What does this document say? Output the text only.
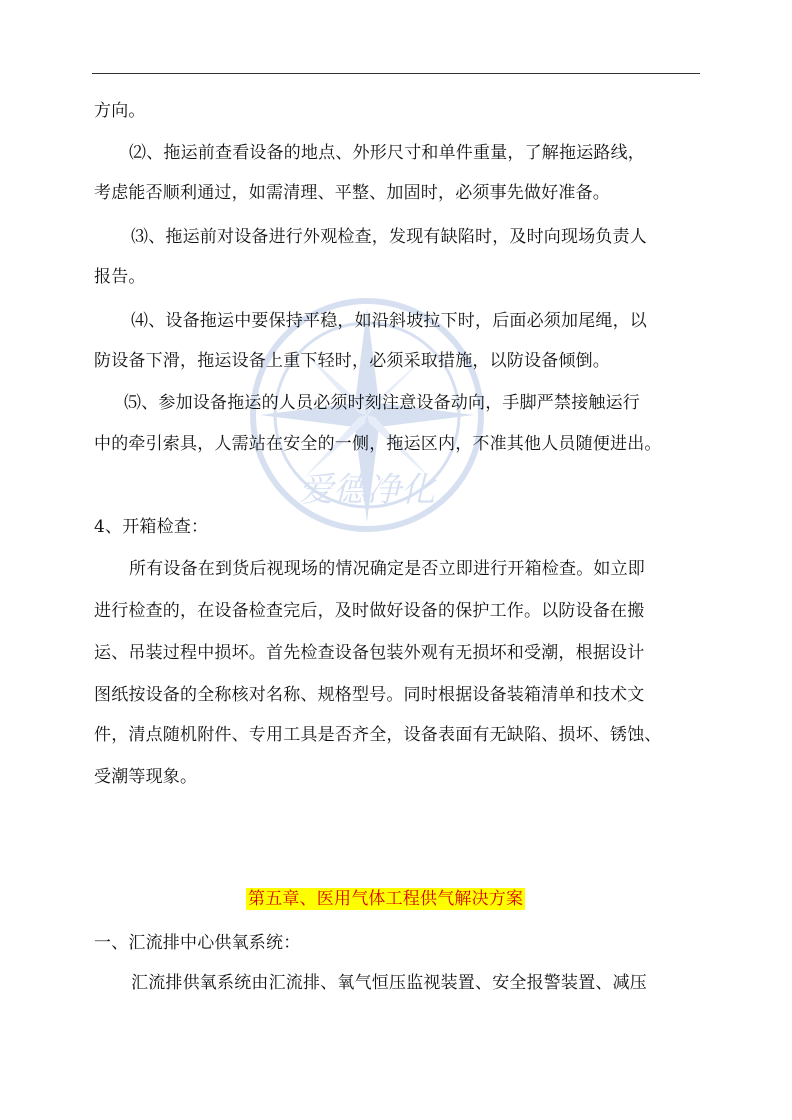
爱德净化
方向。
⑵、拖运前查看设备的地点、外形尺寸和单件重量，了解拖运路线，
考虑能否顺利通过，如需清理、平整、加固时，必须事先做好准备。
⑶、拖运前对设备进行外观检查，发现有缺陷时，及时向现场负责人
报告。
⑷、设备拖运中要保持平稳，如沿斜坡拉下时，后面必须加尾绳，以
防设备下滑，拖运设备上重下轻时，必须采取措施，以防设备倾倒。
⑸、参加设备拖运的人员必须时刻注意设备动向，手脚严禁接触运行
中的牵引索具，人需站在安全的一侧，拖运区内，不准其他人员随便进出。
4、开箱检查：
所有设备在到货后视现场的情况确定是否立即进行开箱检查。如立即
进行检查的，在设备检查完后，及时做好设备的保护工作。以防设备在搬
运、吊装过程中损坏。首先检查设备包装外观有无损坏和受潮，根据设计
图纸按设备的全称核对名称、规格型号。同时根据设备装箱清单和技术文
件，清点随机附件、专用工具是否齐全，设备表面有无缺陷、损坏、锈蚀、
受潮等现象。
第五章、医用气体工程供气解决方案
一、汇流排中心供氧系统：
汇流排供氧系统由汇流排、氧气恒压监视装置、安全报警装置、减压
